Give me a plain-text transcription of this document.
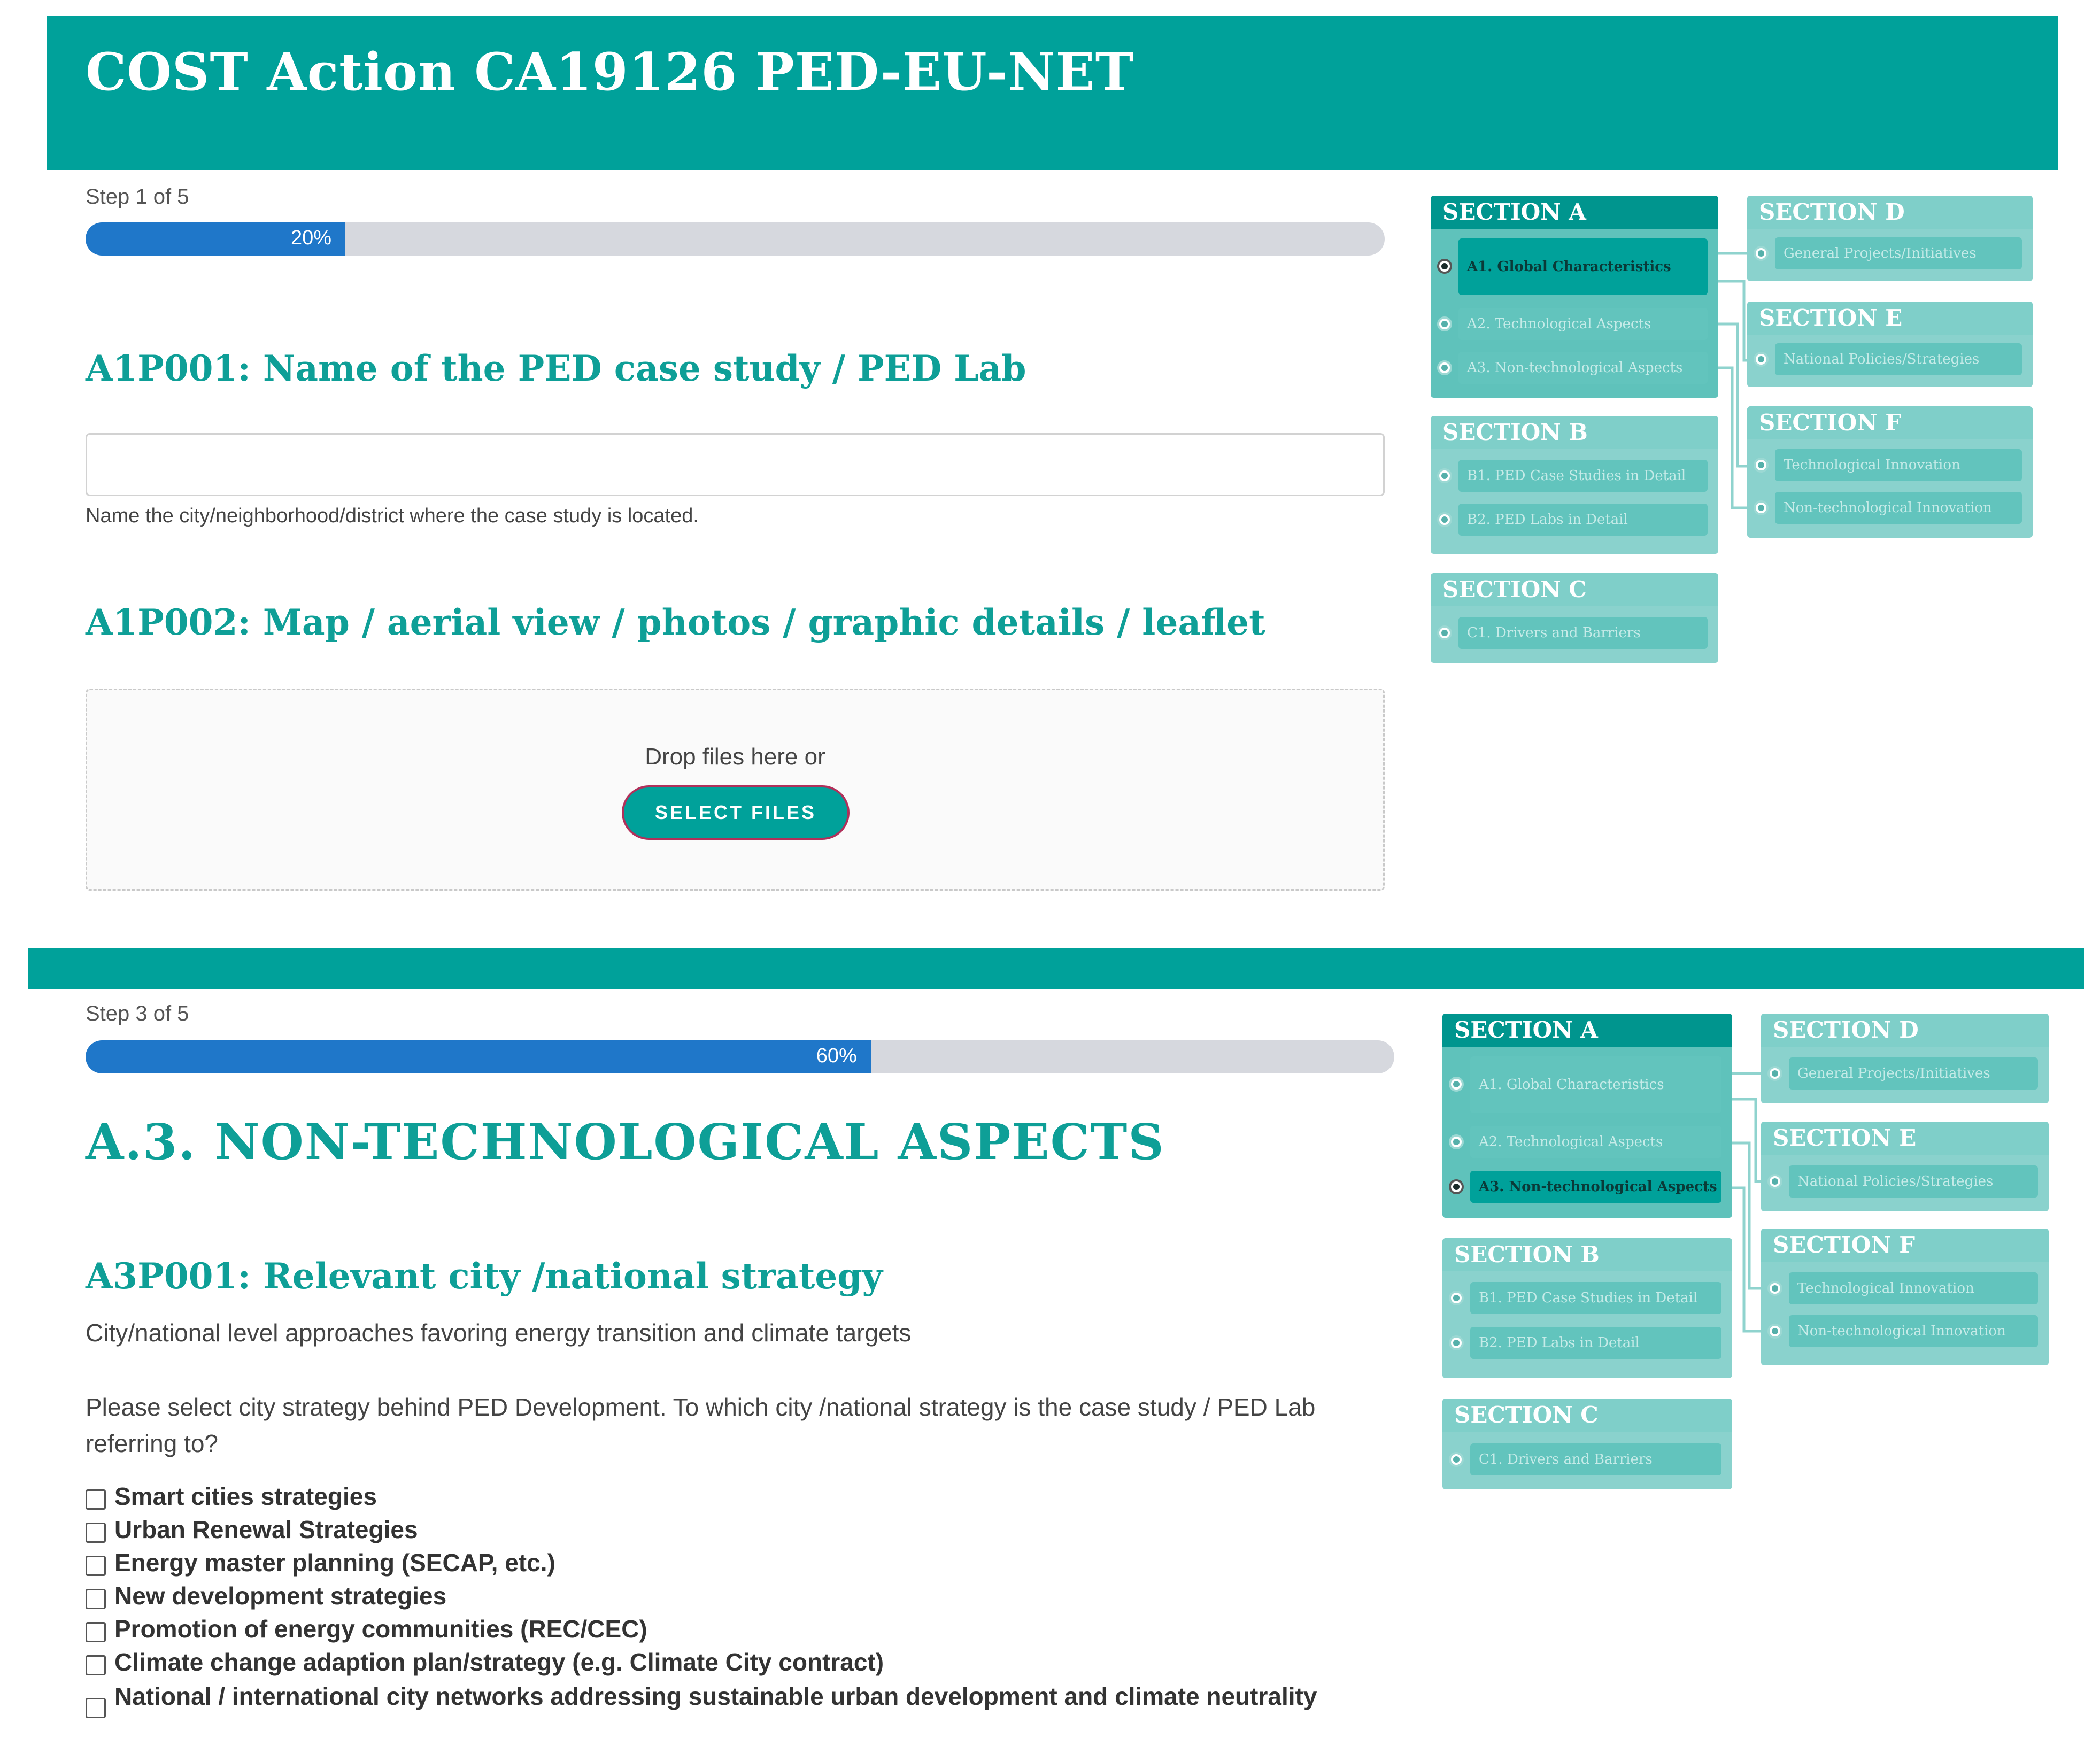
COST Action CA19126 PED-EU-NET
Step 1 of 5
20%
A1P001: Name of the PED case study / PED Lab
Name the city/neighborhood/district where the case study is located.
A1P002: Map / aerial view / photos / graphic details / leaflet
Drop files here or
SELECT FILES
SECTION A
A1. Global Characteristics
A2. Technological Aspects
A3. Non-technological Aspects
SECTION B
B1. PED Case Studies in Detail
B2. PED Labs in Detail
SECTION C
C1. Drivers and Barriers
SECTION D
General Projects/Initiatives
SECTION E
National Policies/Strategies
SECTION F
Technological Innovation
Non-technological Innovation
Step 3 of 5
60%
A.3. NON-TECHNOLOGICAL ASPECTS
A3P001: Relevant city /national strategy
City/national level approaches favoring energy transition and climate targets
Please select city strategy behind PED Development. To which city /national strategy is the case study / PED Lab referring to?
Smart cities strategies
Urban Renewal Strategies
Energy master planning (SECAP, etc.)
New development strategies
Promotion of energy communities (REC/CEC)
Climate change adaption plan/strategy (e.g. Climate City contract)
National / international city networks addressing sustainable urban development and climate neutrality
SECTION A
A1. Global Characteristics
A2. Technological Aspects
A3. Non-technological Aspects
SECTION B
B1. PED Case Studies in Detail
B2. PED Labs in Detail
SECTION C
C1. Drivers and Barriers
SECTION D
General Projects/Initiatives
SECTION E
National Policies/Strategies
SECTION F
Technological Innovation
Non-technological Innovation
